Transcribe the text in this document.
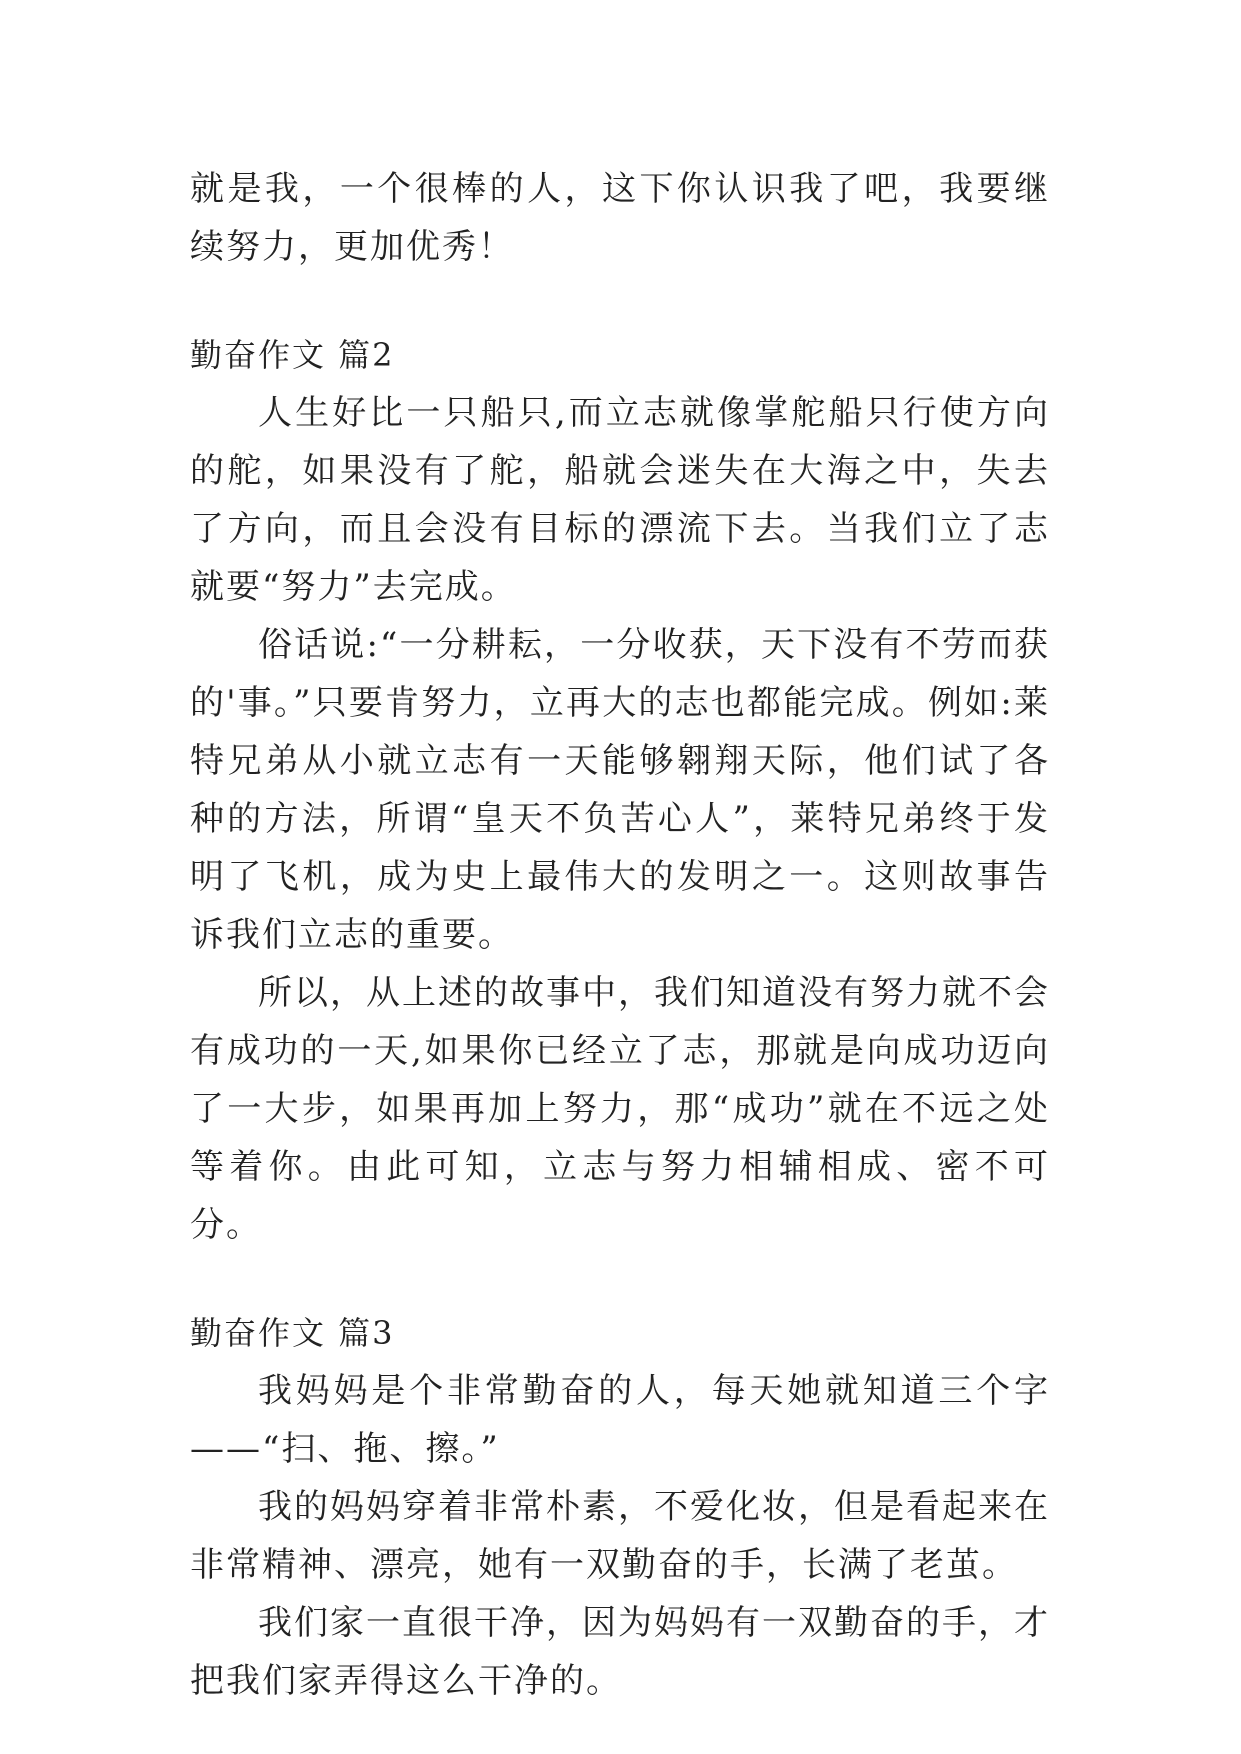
就是我，一个很棒的人，这下你认识我了吧，我要继续努力，更加优秀！

勤奋作文 篇2

人生好比一只船只,而立志就像掌舵船只行使方向的舵，如果没有了舵，船就会迷失在大海之中，失去了方向，而且会没有目标的漂流下去。当我们立了志就要“努力”去完成。

俗话说:“一分耕耘，一分收获，天下没有不劳而获的'事。”只要肯努力，立再大的志也都能完成。例如:莱特兄弟从小就立志有一天能够翱翔天际，他们试了各种的方法，所谓“皇天不负苦心人”，莱特兄弟终于发明了飞机，成为史上最伟大的发明之一。这则故事告诉我们立志的重要。

所以，从上述的故事中，我们知道没有努力就不会有成功的一天,如果你已经立了志，那就是向成功迈向了一大步，如果再加上努力，那“成功”就在不远之处等着你。由此可知，立志与努力相辅相成、密不可分。

勤奋作文 篇3

我妈妈是个非常勤奋的人，每天她就知道三个字——“扫、拖、擦。”

我的妈妈穿着非常朴素，不爱化妆，但是看起来在非常精神、漂亮，她有一双勤奋的手，长满了老茧。

我们家一直很干净，因为妈妈有一双勤奋的手，才把我们家弄得这么干净的。
